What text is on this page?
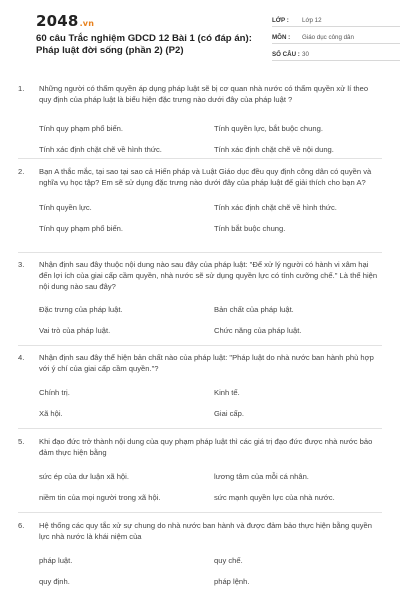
2048.vn
60 câu Trắc nghiệm GDCD 12 Bài 1 (có đáp án): Pháp luật đời sống (phần 2) (P2)
LỚP :	Lớp 12
MÔN :	Giáo dục công dân
SỐ CÂU : 30
1.	Những người có thẩm quyền áp dụng pháp luật sẽ bị cơ quan nhà nước có thẩm quyền xử lí theo quy định của pháp luật là biểu hiện đặc trưng nào dưới đây của pháp luật ?
Tính quy phạm phổ biến.	Tính quyền lực, bắt buộc chung.
Tính xác định chặt chẽ về hình thức.	Tính xác định chặt chẽ về nội dung.
2.	Bạn A thắc mắc, tại sao tại sao cả Hiến pháp và Luật Giáo dục đều quy định công dân có quyền và nghĩa vụ học tập? Em sẽ sử dụng đặc trưng nào dưới đây của pháp luật để giải thích cho bạn A?
Tính quyền lực.	Tính xác định chặt chẽ về hình thức.
Tính quy phạm phổ biến.	Tính bắt buộc chung.
3.	Nhận định sau đây thuộc nội dung nào sau đây của pháp luật: "Để xử lý người có hành vi xâm hại đến lợi ích của giai cấp cầm quyền, nhà nước sẽ sử dụng quyền lực có tính cưỡng chế." Là thể hiện nội dung nào sau đây?
Đặc trưng của pháp luật.	Bản chất của pháp luật.
Vai trò của pháp luật.	Chức năng của pháp luật.
4.	Nhận định sau đây thể hiện bản chất nào của pháp luật: "Pháp luật do nhà nước ban hành phù hợp với ý chí của giai cấp cầm quyền."?
Chính trị.	Kinh tế.
Xã hội.	Giai cấp.
5.	Khi đạo đức trở thành nội dung của quy phạm pháp luật thì các giá trị đạo đức được nhà nước bảo đảm thực hiện bằng
sức ép của dư luận xã hội.	lương tâm của mỗi cá nhân.
niềm tin của mọi người trong xã hội.	sức mạnh quyền lực của nhà nước.
6.	Hệ thống các quy tắc xử sự chung do nhà nước ban hành và được đảm bảo thực hiện bằng quyền lực nhà nước là khái niệm của
pháp luật.	quy chế.
quy định.	pháp lệnh.
